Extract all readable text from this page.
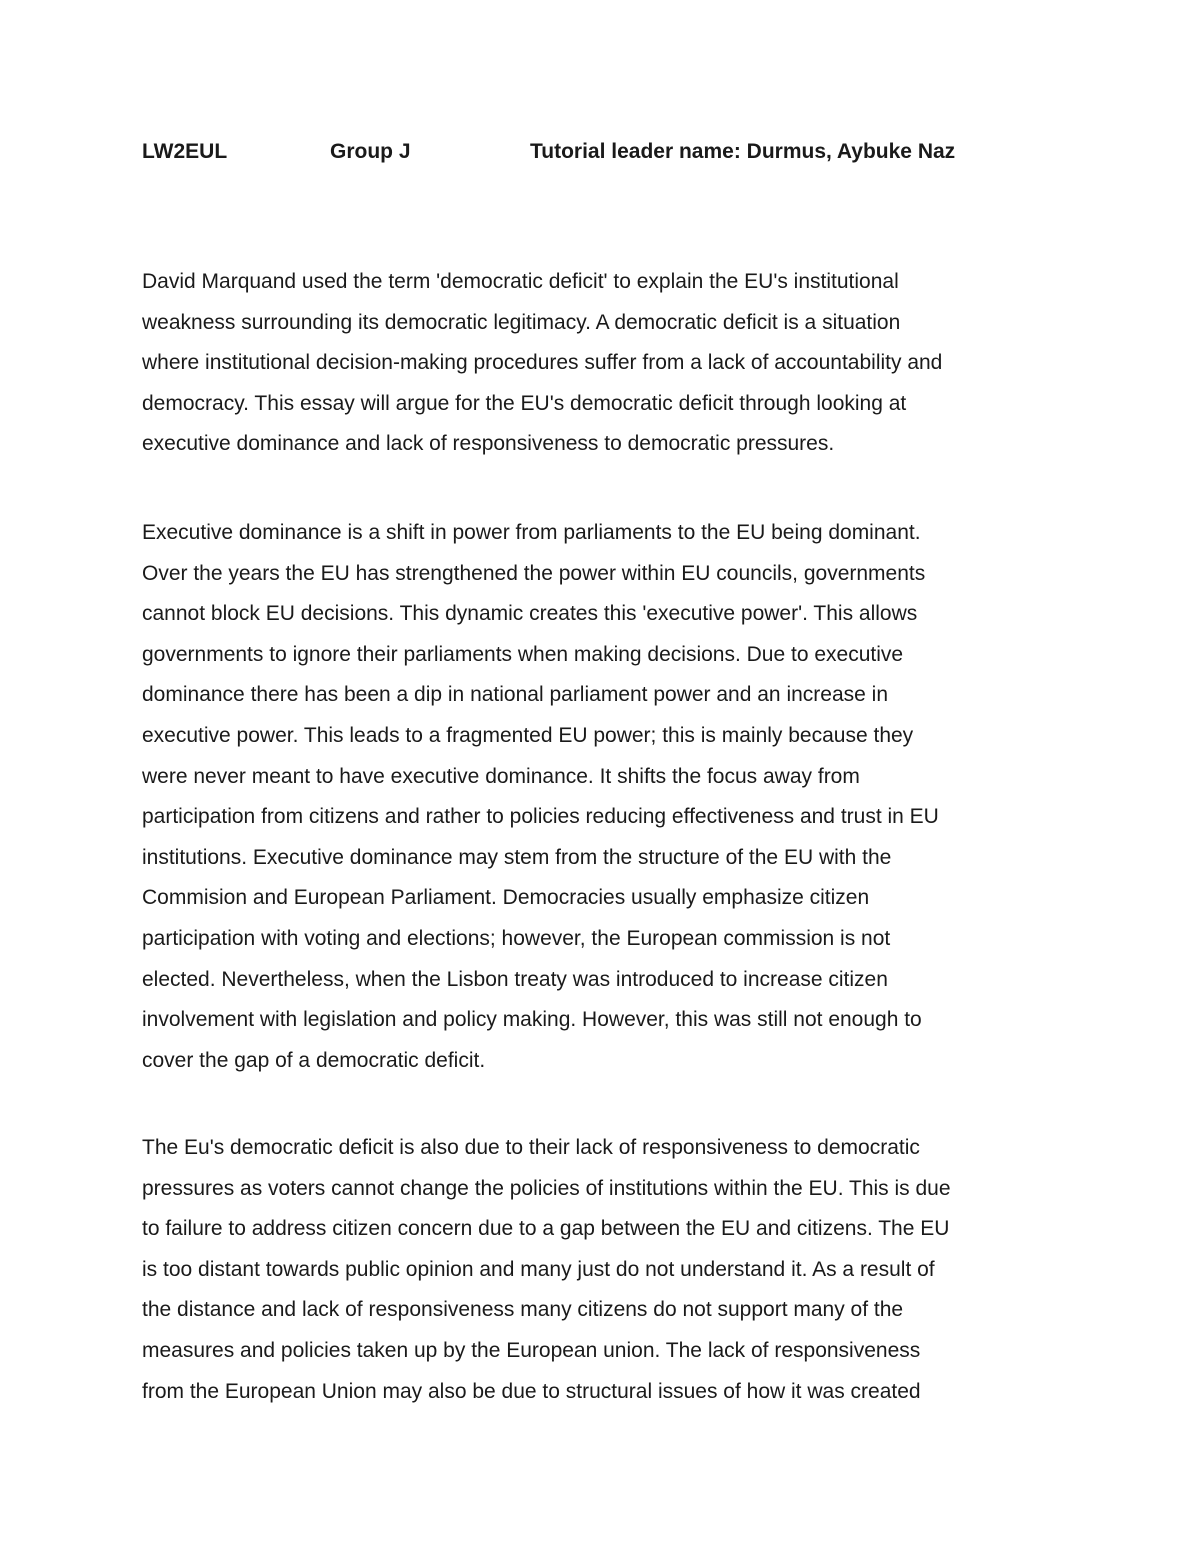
LW2EUL	Group J	Tutorial leader name: Durmus, Aybuke Naz
David Marquand used the term 'democratic deficit' to explain the EU's institutional
weakness surrounding its democratic legitimacy. A democratic deficit is a situation
where institutional decision-making procedures suffer from a lack of accountability and
democracy. This essay will argue for the EU's democratic deficit through looking at
executive dominance and lack of responsiveness to democratic pressures.
Executive dominance is a shift in power from parliaments to the EU being dominant.
Over the years the EU has strengthened the power within EU councils, governments
cannot block EU decisions. This dynamic creates this 'executive power'. This allows
governments to ignore their parliaments when making decisions. Due to executive
dominance there has been a dip in national parliament power and an increase in
executive power. This leads to a fragmented EU power; this is mainly because they
were never meant to have executive dominance. It shifts the focus away from
participation from citizens and rather to policies reducing effectiveness and trust in EU
institutions. Executive dominance may stem from the structure of the EU with the
Commision and European Parliament. Democracies usually emphasize citizen
participation with voting and elections; however, the European commission is not
elected. Nevertheless, when the Lisbon treaty was introduced to increase citizen
involvement with legislation and policy making. However, this was still not enough to
cover the gap of a democratic deficit.
The Eu's democratic deficit is also due to their lack of responsiveness to democratic
pressures as voters cannot change the policies of institutions within the EU. This is due
to failure to address citizen concern due to a gap between the EU and citizens. The EU
is too distant towards public opinion and many just do not understand it. As a result of
the distance and lack of responsiveness many citizens do not support many of the
measures and policies taken up by the European union. The lack of responsiveness
from the European Union may also be due to structural issues of how it was created
